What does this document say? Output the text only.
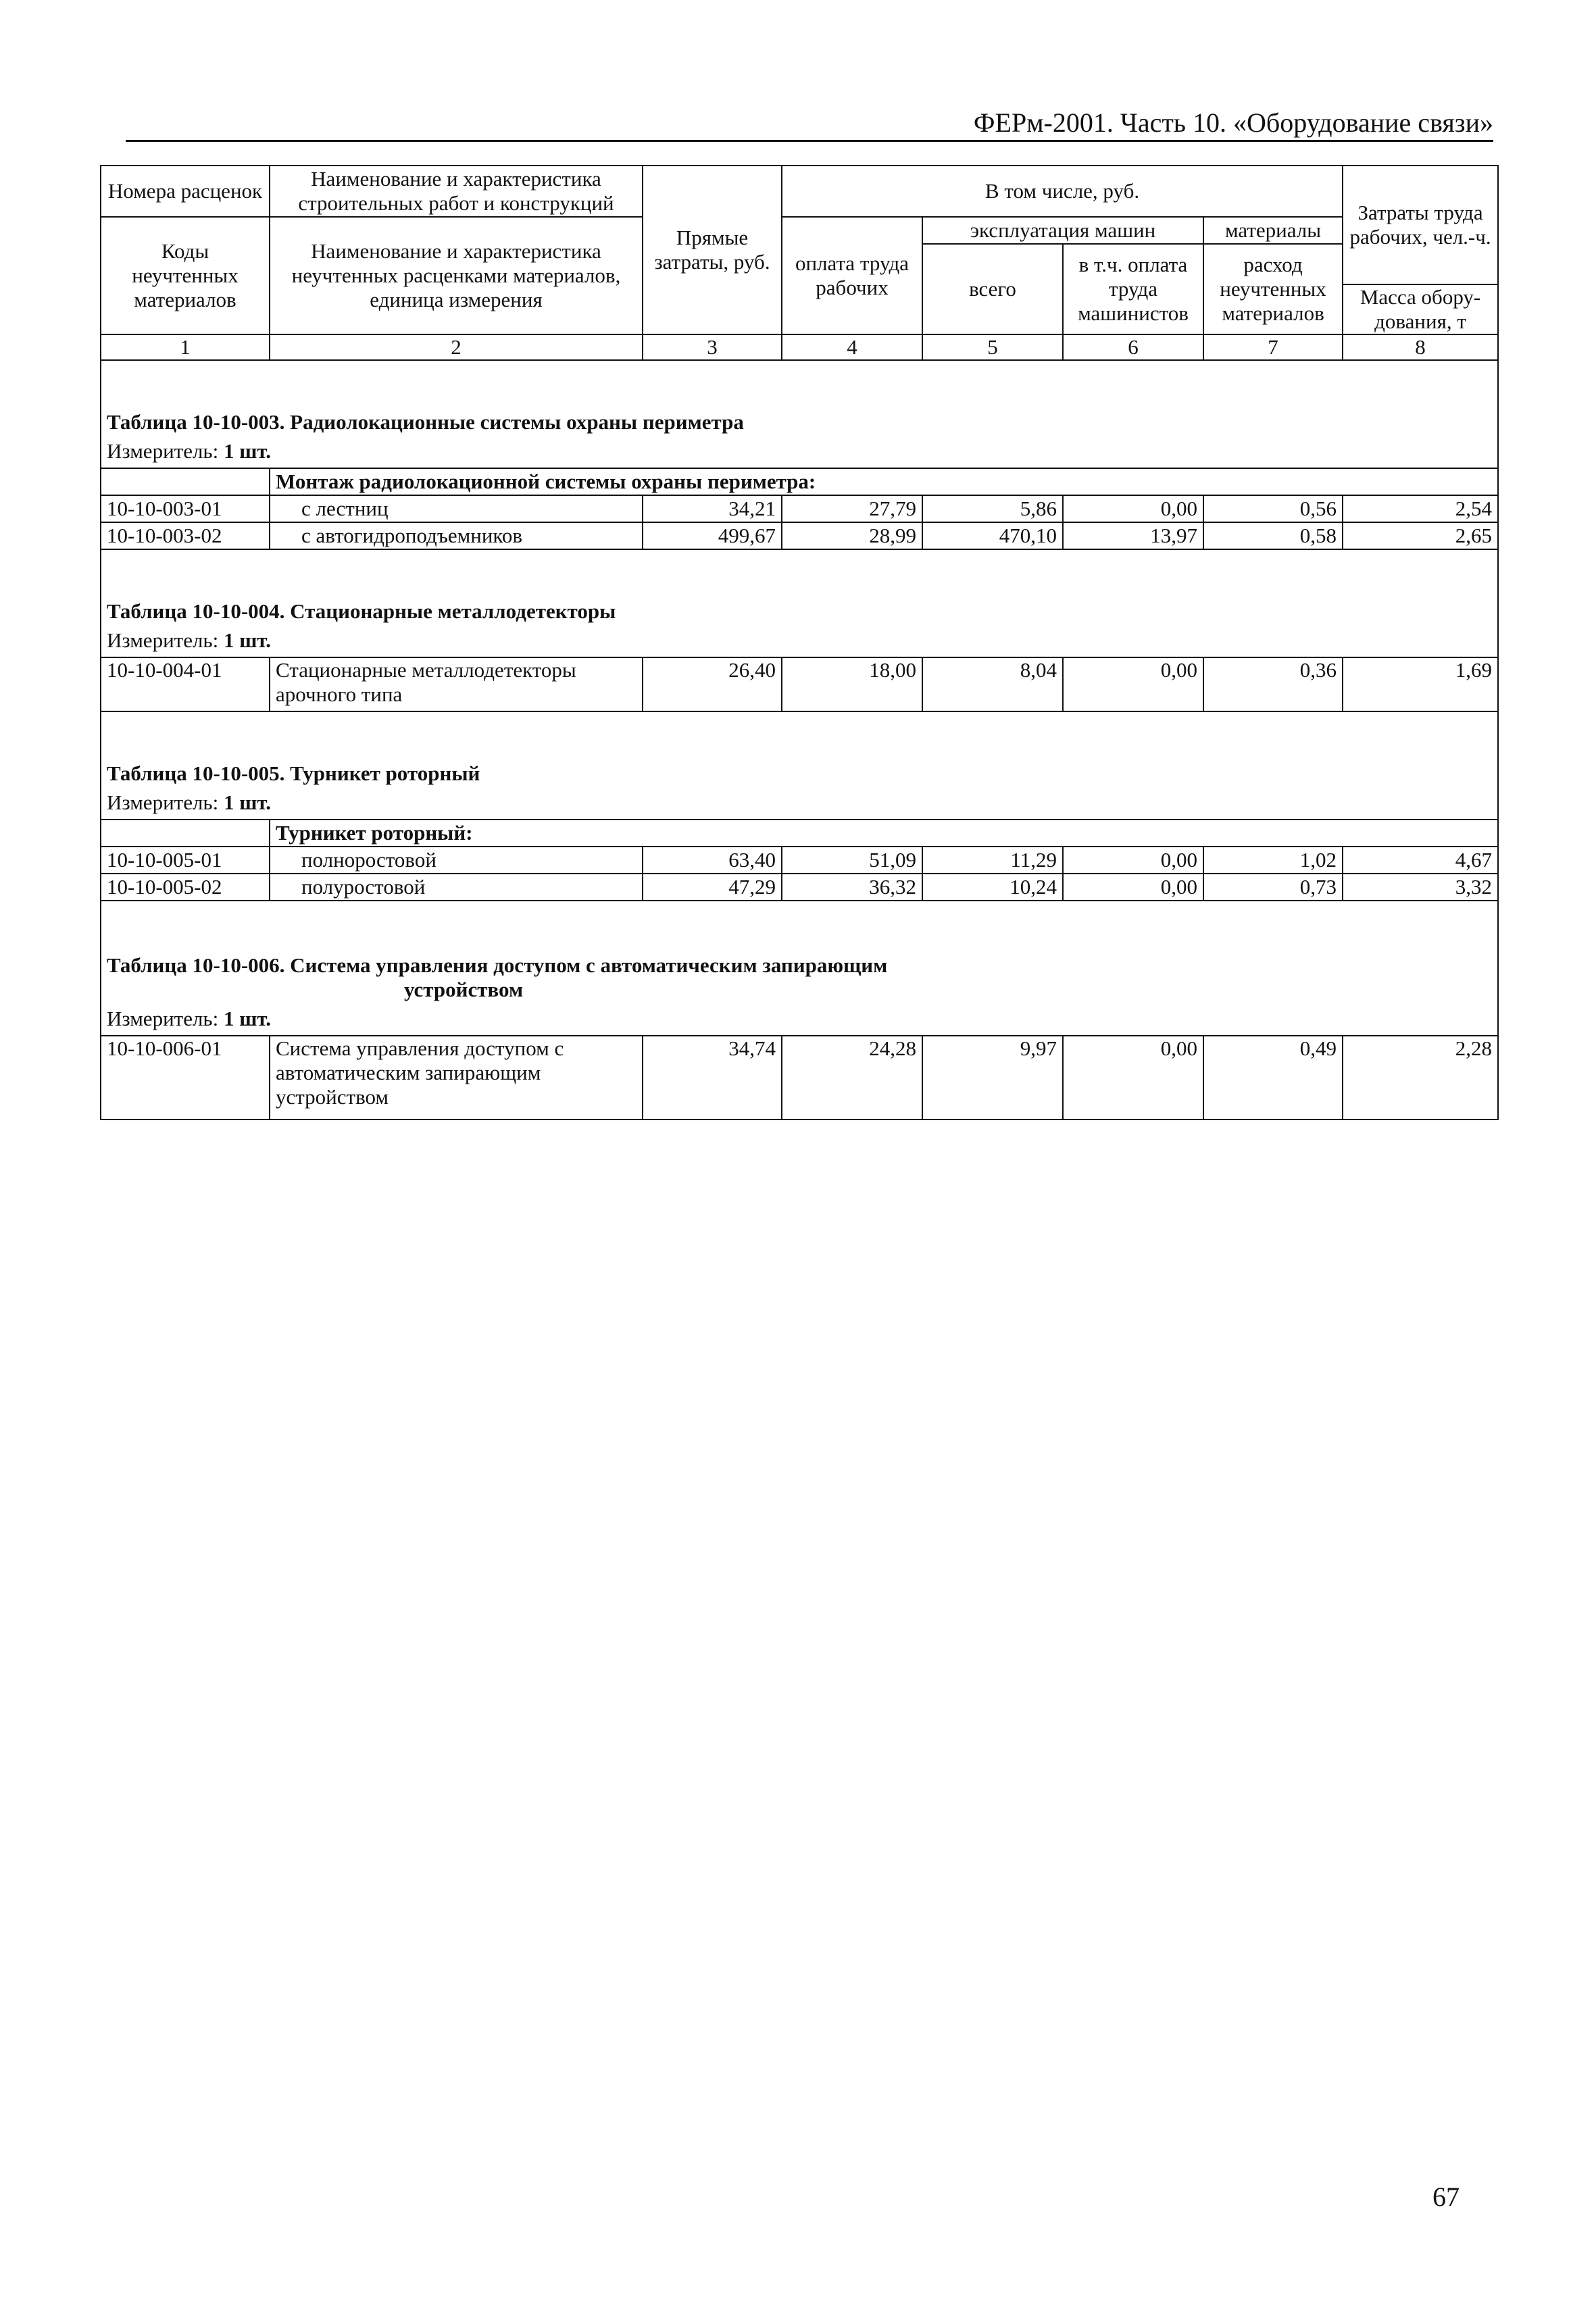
ФЕРм-2001. Часть 10. «Оборудование связи»
Номера расценок	Наименование и характеристика строительных работ и конструкций	Прямые затраты, руб.	В том числе, руб.				Затраты труда рабочих, чел.-ч.
Коды неучтенных материалов	Наименование и характеристика неучтенных расценками материалов, единица измерения		оплата труда рабочих	эксплуатация машин		материалы	
				всего	в т.ч. оплата труда машинистов	расход неучтенных материалов	
							Масса обору-дования, т
1	2	3	4	5	6	7	8
Таблица 10-10-003. Радиолокационные системы охраны периметра							
Измеритель: 1 шт.							
	Монтаж радиолокационной системы охраны периметра:						
10-10-003-01	с лестниц	34,21	27,79	5,86	0,00	0,56	2,54
10-10-003-02	с автогидроподъемников	499,67	28,99	470,10	13,97	0,58	2,65
Таблица 10-10-004. Стационарные металлодетекторы							
Измеритель: 1 шт.							
10-10-004-01	Стационарные металлодетекторы арочного типа	26,40	18,00	8,04	0,00	0,36	1,69
Таблица 10-10-005. Турникет роторный							
Измеритель: 1 шт.							
	Турникет роторный:						
10-10-005-01	полноростовой	63,40	51,09	11,29	0,00	1,02	4,67
10-10-005-02	полуростовой	47,29	36,32	10,24	0,00	0,73	3,32
Таблица 10-10-006. Система управления доступом с автоматическим запирающим
устройством							

Измеритель: 1 шт.							
10-10-006-01	Система управления доступом с автоматическим запирающим устройством	34,74	24,28	9,97	0,00	0,49	2,28
67
